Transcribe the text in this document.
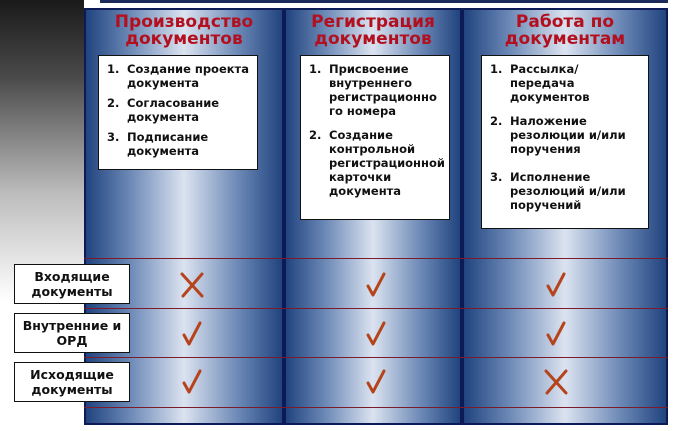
Производство документов
1. Создание проекта документа
2. Согласование документа
3. Подписание документа
Регистрация документов
1. Присвоение внутреннего регистрационно го номера
2. Создание контрольной регистрационной карточки документа
Работа по документам
1. Рассылка/ передача документов
2. Наложение резолюции и/или поручения
3. Исполнение резолюций и/или поручений
Входящие документы
Внутренние и ОРД
Исходящие документы
